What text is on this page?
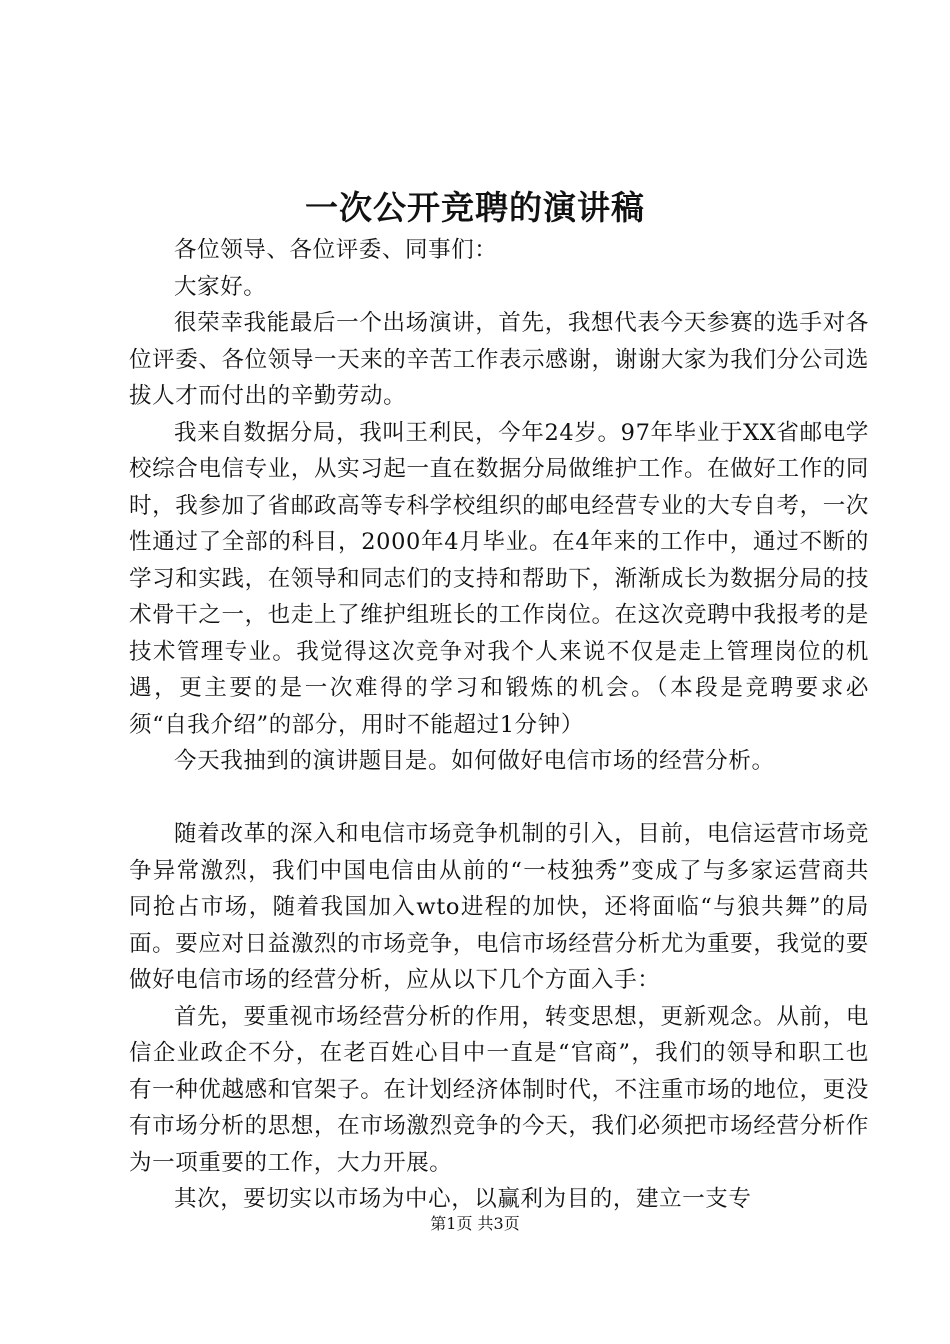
一次公开竞聘的演讲稿

各位领导、各位评委、同事们：

大家好。

很荣幸我能最后一个出场演讲，首先，我想代表今天参赛的选手对各位评委、各位领导一天来的辛苦工作表示感谢，谢谢大家为我们分公司选拔人才而付出的辛勤劳动。

我来自数据分局，我叫王利民，今年24岁。97年毕业于XX省邮电学校综合电信专业，从实习起一直在数据分局做维护工作。在做好工作的同时，我参加了省邮政高等专科学校组织的邮电经营专业的大专自考，一次性通过了全部的科目，2000年4月毕业。在4年来的工作中，通过不断的学习和实践，在领导和同志们的支持和帮助下，渐渐成长为数据分局的技术骨干之一，也走上了维护组班长的工作岗位。在这次竞聘中我报考的是技术管理专业。我觉得这次竞争对我个人来说不仅是走上管理岗位的机遇，更主要的是一次难得的学习和锻炼的机会。（本段是竞聘要求必须“自我介绍”的部分，用时不能超过1分钟）

今天我抽到的演讲题目是。如何做好电信市场的经营分析。

随着改革的深入和电信市场竞争机制的引入，目前，电信运营市场竞争异常激烈，我们中国电信由从前的“一枝独秀”变成了与多家运营商共同抢占市场，随着我国加入wto进程的加快，还将面临“与狼共舞”的局面。要应对日益激烈的市场竞争，电信市场经营分析尤为重要，我觉的要做好电信市场的经营分析，应从以下几个方面入手：

首先，要重视市场经营分析的作用，转变思想，更新观念。从前，电信企业政企不分，在老百姓心目中一直是“官商”，我们的领导和职工也有一种优越感和官架子。在计划经济体制时代，不注重市场的地位，更没有市场分析的思想，在市场激烈竞争的今天，我们必须把市场经营分析作为一项重要的工作，大力开展。

其次，要切实以市场为中心，以赢利为目的，建立一支专

第1页 共3页
